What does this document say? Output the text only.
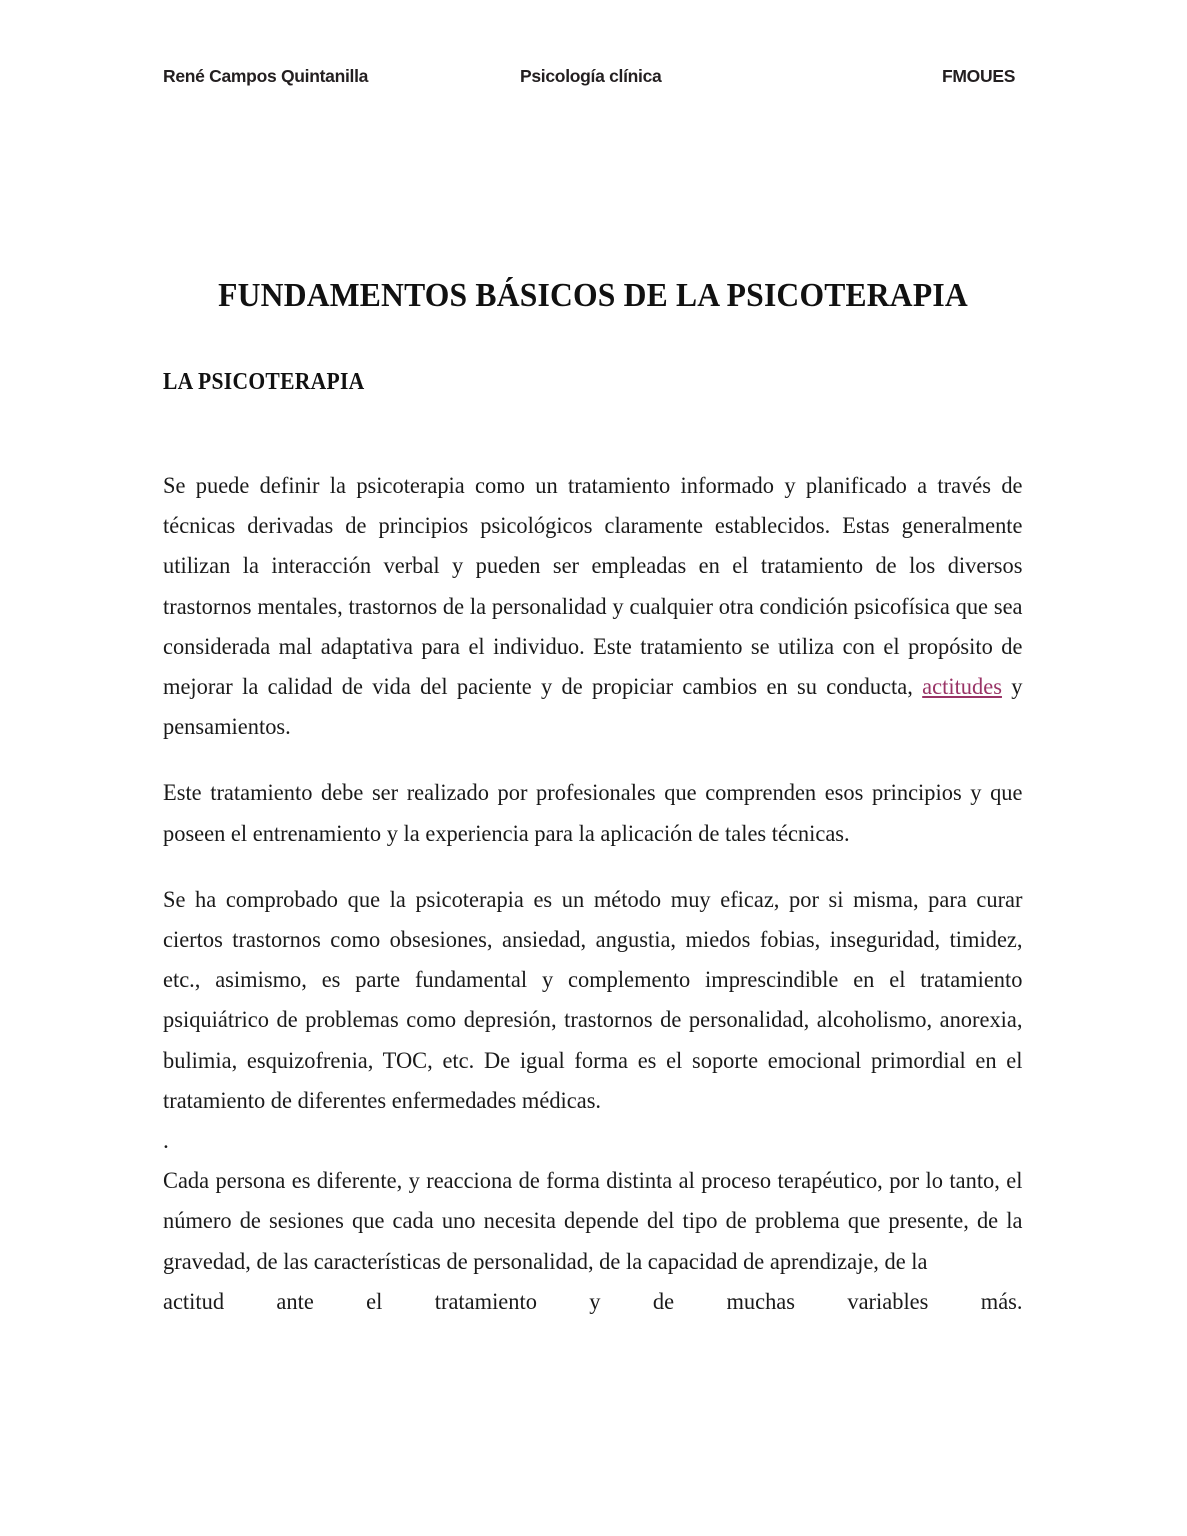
René Campos Quintanilla	Psicología clínica	FMOUES
FUNDAMENTOS BÁSICOS DE LA PSICOTERAPIA
LA PSICOTERAPIA

Se puede definir la psicoterapia como un tratamiento informado y planificado a través de técnicas derivadas de principios psicológicos claramente establecidos. Estas generalmente utilizan la interacción verbal y pueden ser empleadas en el tratamiento de los diversos trastornos mentales, trastornos de la personalidad y cualquier otra condición psicofísica que sea considerada mal adaptativa para el individuo. Este tratamiento se utiliza con el propósito de mejorar la calidad de vida del paciente y de propiciar cambios en su conducta, actitudes y pensamientos.

Este tratamiento debe ser realizado por profesionales que comprenden esos principios y que poseen el entrenamiento y la experiencia para la aplicación de tales técnicas.

Se ha comprobado que la psicoterapia es un método muy eficaz, por si misma, para curar ciertos trastornos como obsesiones, ansiedad, angustia, miedos fobias, inseguridad, timidez, etc., asimismo, es parte fundamental y complemento imprescindible en el tratamiento psiquiátrico de problemas como depresión, trastornos de personalidad, alcoholismo, anorexia, bulimia, esquizofrenia, TOC, etc. De igual forma es el soporte emocional primordial en el tratamiento de diferentes enfermedades médicas.

.

Cada persona es diferente, y reacciona de forma distinta al proceso terapéutico, por lo tanto, el número de sesiones que cada uno necesita depende del tipo de problema que presente, de la gravedad, de las características de personalidad, de la capacidad de aprendizaje, de la
actitud ante el tratamiento y de muchas variables más.
